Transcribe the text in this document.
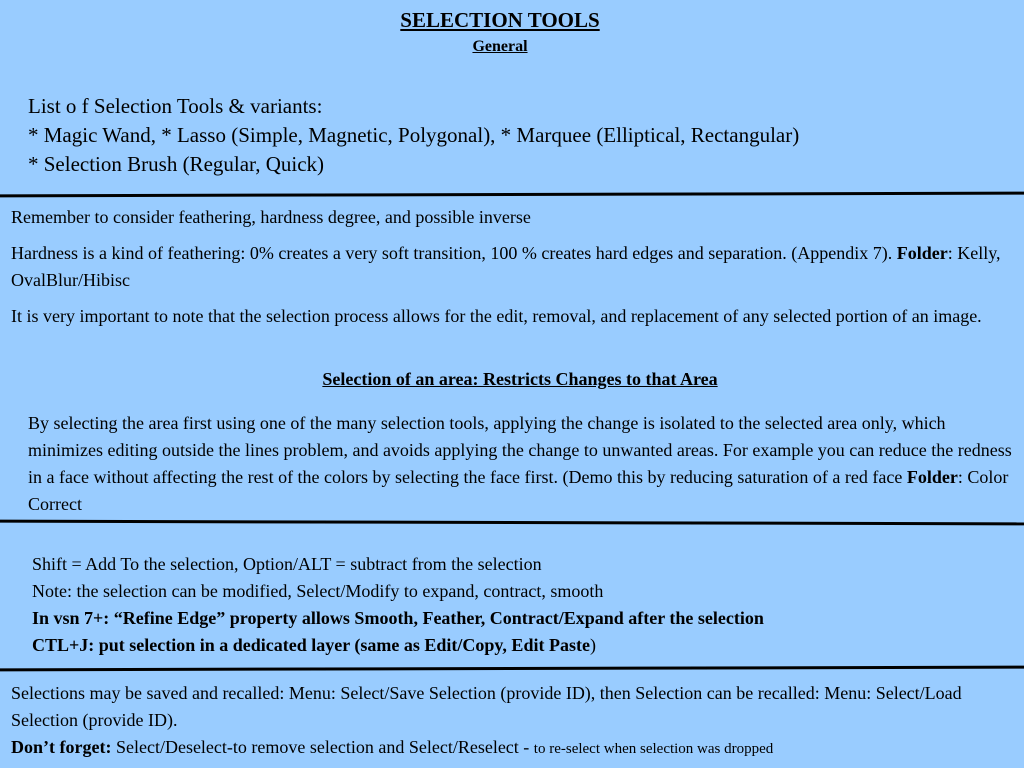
SELECTION TOOLS
General
List o f Selection Tools & variants:
* Magic Wand, * Lasso (Simple, Magnetic, Polygonal), * Marquee (Elliptical, Rectangular)
* Selection Brush (Regular, Quick)

Remember to consider feathering, hardness degree, and possible inverse

Hardness is a kind of feathering: 0% creates a very soft transition, 100 % creates hard edges and separation. (Appendix 7). Folder: Kelly, OvalBlur/Hibisc

It is very important to note that the selection process allows for the edit, removal, and replacement of any selected portion of an image.

Selection of an area: Restricts Changes to that Area
By selecting the area first using one of the many selection tools, applying the change is isolated to the selected area only, which minimizes editing outside the lines problem, and avoids applying the change to unwanted areas. For example you can reduce the redness in a face without affecting the rest of the colors by selecting the face first. (Demo this by reducing saturation of a red face Folder: Color Correct
Shift = Add To the selection, Option/ALT = subtract from the selection
Note: the selection can be modified, Select/Modify to expand, contract, smooth
In vsn 7+: “Refine Edge” property allows Smooth, Feather, Contract/Expand after the selection
CTL+J: put selection in a dedicated layer (same as Edit/Copy, Edit Paste)
Selections may be saved and recalled: Menu: Select/Save Selection (provide ID), then Selection can be recalled: Menu: Select/Load Selection (provide ID).
Don’t forget: Select/Deselect-to remove selection and Select/Reselect - to re-select when selection was dropped
